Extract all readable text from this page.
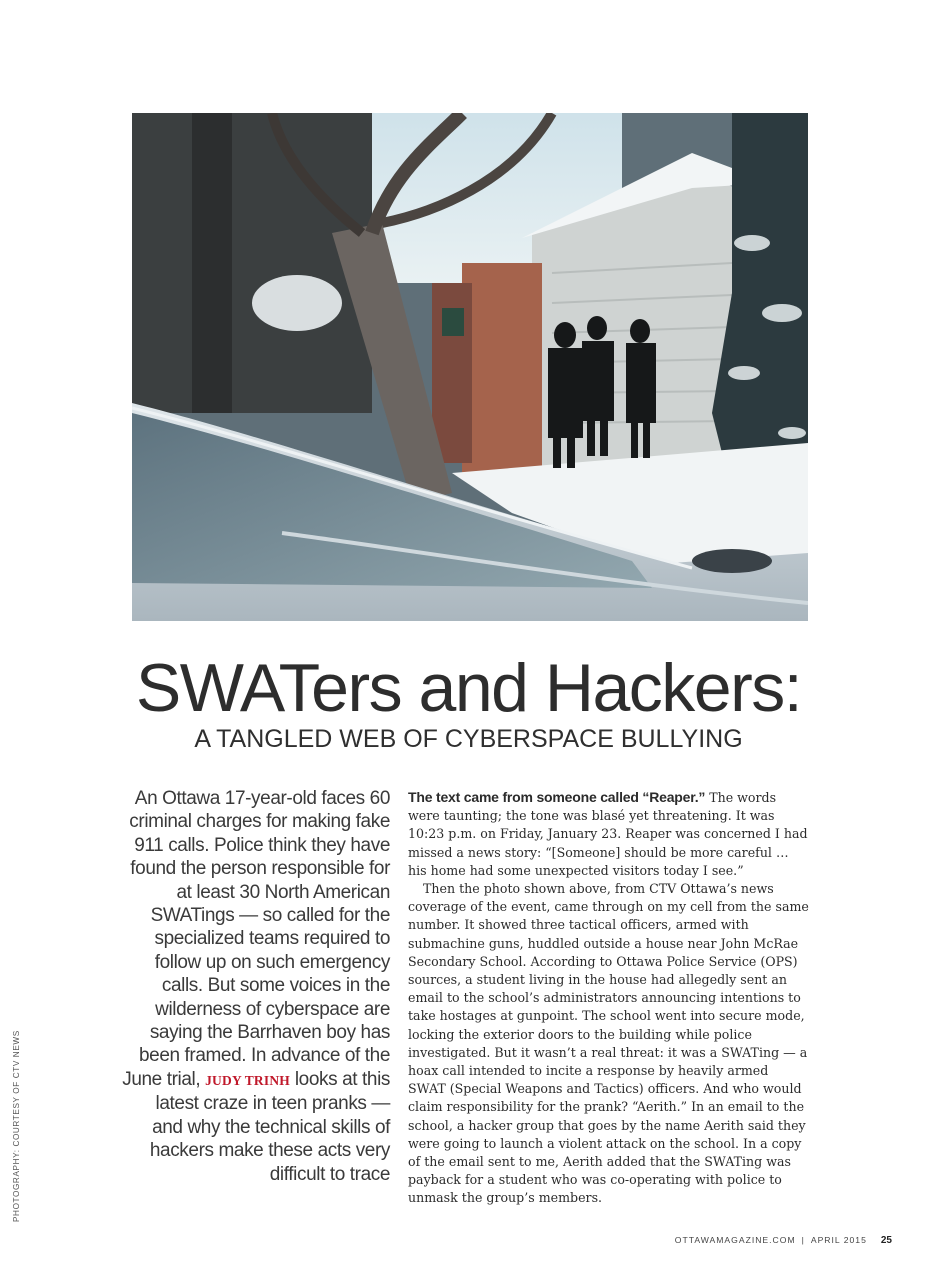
SWATers and Hackers:
A TANGLED WEB OF CYBERSPACE BULLYING
An Ottawa 17-year-old faces 60 criminal charges for making fake 911 calls. Police think they have found the person responsible for at least 30 North American SWATings — so called for the specialized teams required to follow up on such emergency calls. But some voices in the wilderness of cyberspace are saying the Barrhaven boy has been framed. In advance of the June trial, JUDY TRINH looks at this latest craze in teen pranks — and why the technical skills of hackers make these acts very difficult to trace

The text came from someone called “Reaper.” The words were taunting; the tone was blasé yet threatening. It was 10:23 p.m. on Friday, January 23. Reaper was concerned I had missed a news story: “[Someone] should be more careful … his home had some unexpected visitors today I see.”

Then the photo shown above, from CTV Ottawa’s news coverage of the event, came through on my cell from the same number. It showed three tactical officers, armed with submachine guns, huddled outside a house near John McRae Secondary School. According to Ottawa Police Service (OPS) sources, a student living in the house had allegedly sent an email to the school’s administrators announcing intentions to take hostages at gunpoint. The school went into secure mode, locking the exterior doors to the building while police investigated. But it wasn’t a real threat: it was a SWATing — a hoax call intended to incite a response by heavily armed SWAT (Special Weapons and Tactics) officers. And who would claim responsibility for the prank? “Aerith.” In an email to the school, a hacker group that goes by the name Aerith said they were going to launch a violent attack on the school. In a copy of the email sent to me, Aerith added that the SWATing was payback for a student who was co-operating with police to unmask the group’s members.

PHOTOGRAPHY: COURTESY OF CTV NEWS
OTTAWAMAGAZINE.COM | APRIL 2015 25
